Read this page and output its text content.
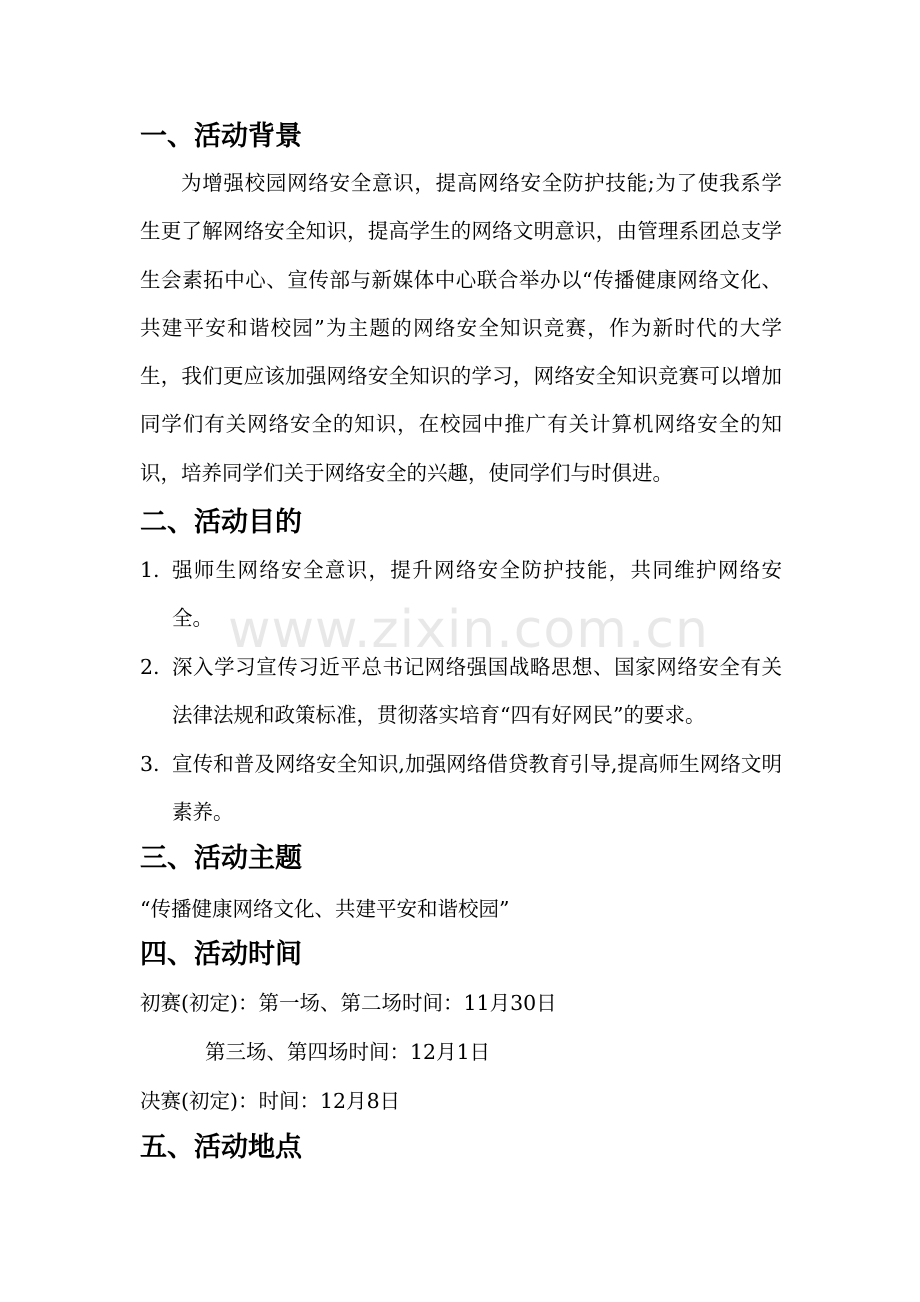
一、活动背景

为增强校园网络安全意识，提高网络安全防护技能;为了使我系学生更了解网络安全知识，提高学生的网络文明意识，由管理系团总支学生会素拓中心、宣传部与新媒体中心联合举办以“传播健康网络文化、共建平安和谐校园”为主题的网络安全知识竞赛，作为新时代的大学生，我们更应该加强网络安全知识的学习，网络安全知识竞赛可以增加同学们有关网络安全的知识，在校园中推广有关计算机网络安全的知识，培养同学们关于网络安全的兴趣，使同学们与时俱进。

二、活动目的
1. 强师生网络安全意识，提升网络安全防护技能，共同维护网络安全。
2. 深入学习宣传习近平总书记网络强国战略思想、国家网络安全有关法律法规和政策标准，贯彻落实培育“四有好网民”的要求。
3. 宣传和普及网络安全知识,加强网络借贷教育引导,提高师生网络文明素养。
三、活动主题
“传播健康网络文化、共建平安和谐校园”
四、活动时间
初赛(初定)：第一场、第二场时间：11月30日
第三场、第四场时间：12月1日
决赛(初定)：时间：12月8日
五、活动地点
www.zixin.com.cn
